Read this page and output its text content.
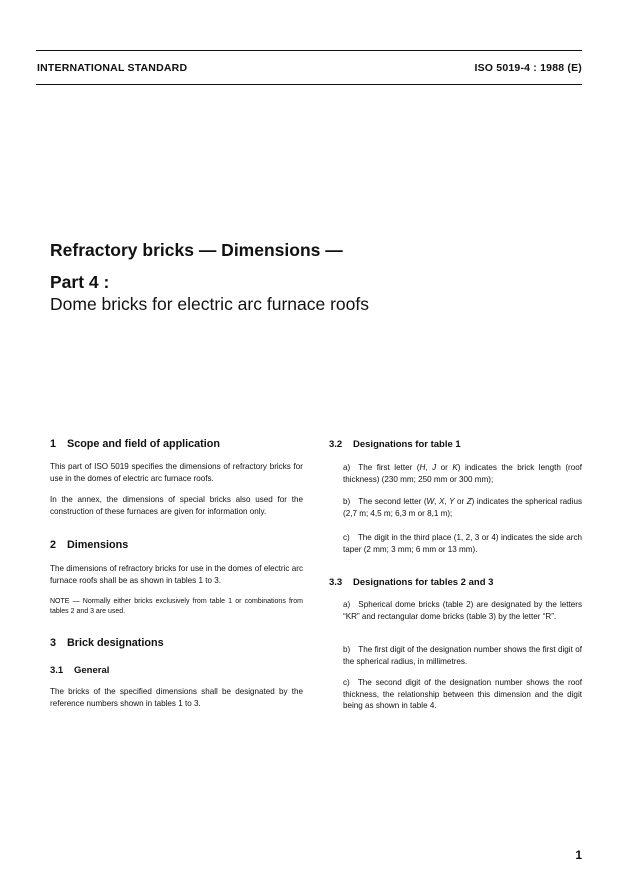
INTERNATIONAL STANDARD	ISO 5019-4 : 1988 (E)
Refractory bricks — Dimensions —
Part 4 :
Dome bricks for electric arc furnace roofs
1 Scope and field of application
This part of ISO 5019 specifies the dimensions of refractory bricks for use in the domes of electric arc furnace roofs.
In the annex, the dimensions of special bricks also used for the construction of these furnaces are given for information only.
2 Dimensions
The dimensions of refractory bricks for use in the domes of electric arc furnace roofs shall be as shown in tables 1 to 3.
NOTE — Normally either bricks exclusively from table 1 or combinations from tables 2 and 3 are used.
3 Brick designations
3.1 General
The bricks of the specified dimensions shall be designated by the reference numbers shown in tables 1 to 3.
3.2 Designations for table 1
a) The first letter (H, J or K) indicates the brick length (roof thickness) (230 mm; 250 mm or 300 mm);
b) The second letter (W, X, Y or Z) indicates the spherical radius (2,7 m; 4,5 m; 6,3 m or 8,1 m);
c) The digit in the third place (1, 2, 3 or 4) indicates the side arch taper (2 mm; 3 mm; 6 mm or 13 mm).
3.3 Designations for tables 2 and 3
a) Spherical dome bricks (table 2) are designated by the letters “KR” and rectangular dome bricks (table 3) by the letter “R”.
b) The first digit of the designation number shows the first digit of the spherical radius, in millimetres.
c) The second digit of the designation number shows the roof thickness, the relationship between this dimension and the digit being as shown in table 4.
1
